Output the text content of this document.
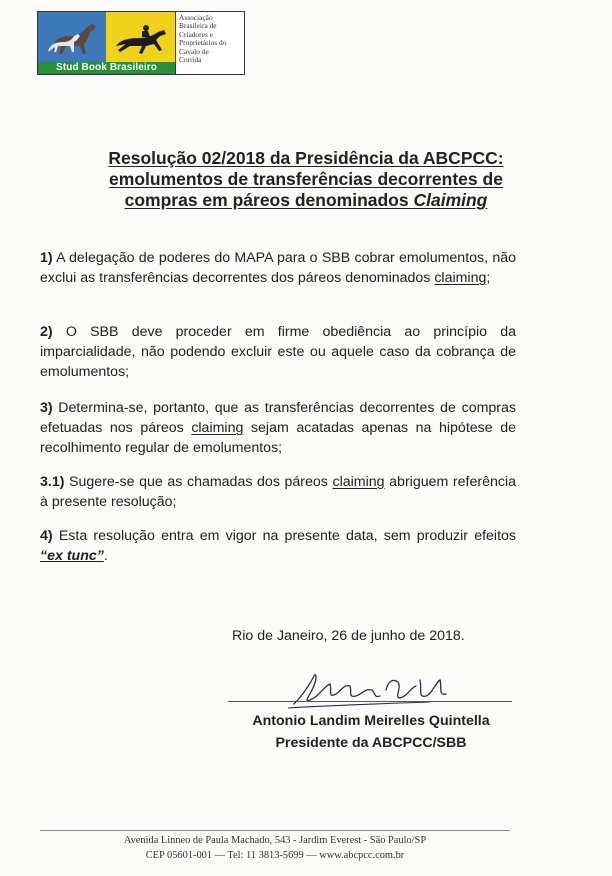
Stud Book Brasileiro
Associação
Brasileira de
Criadores e
Proprietários do
Cavalo de
Corrida
Resolução 02/2018 da Presidência da ABCPCC:
emolumentos de transferências decorrentes de
compras em páreos denominados Claiming
1) A delegação de poderes do MAPA para o SBB cobrar emolumentos, não exclui as transferências decorrentes dos páreos denominados claiming;
2) O SBB deve proceder em firme obediência ao princípio da imparcialidade, não podendo excluir este ou aquele caso da cobrança de emolumentos;
3) Determina-se, portanto, que as transferências decorrentes de compras efetuadas nos páreos claiming sejam acatadas apenas na hipótese de recolhimento regular de emolumentos;
3.1) Sugere-se que as chamadas dos páreos claiming abriguem referência à presente resolução;
4) Esta resolução entra em vigor na presente data, sem produzir efeitos “ex tunc”.
Rio de Janeiro, 26 de junho de 2018.
Antonio Landim Meirelles Quintella
Presidente da ABCPCC/SBB
Avenida Linneo de Paula Machado, 543 - Jardim Everest - São Paulo/SP
CEP 05601-001 — Tel: 11 3813-5699 — www.abcpcc.com.br
